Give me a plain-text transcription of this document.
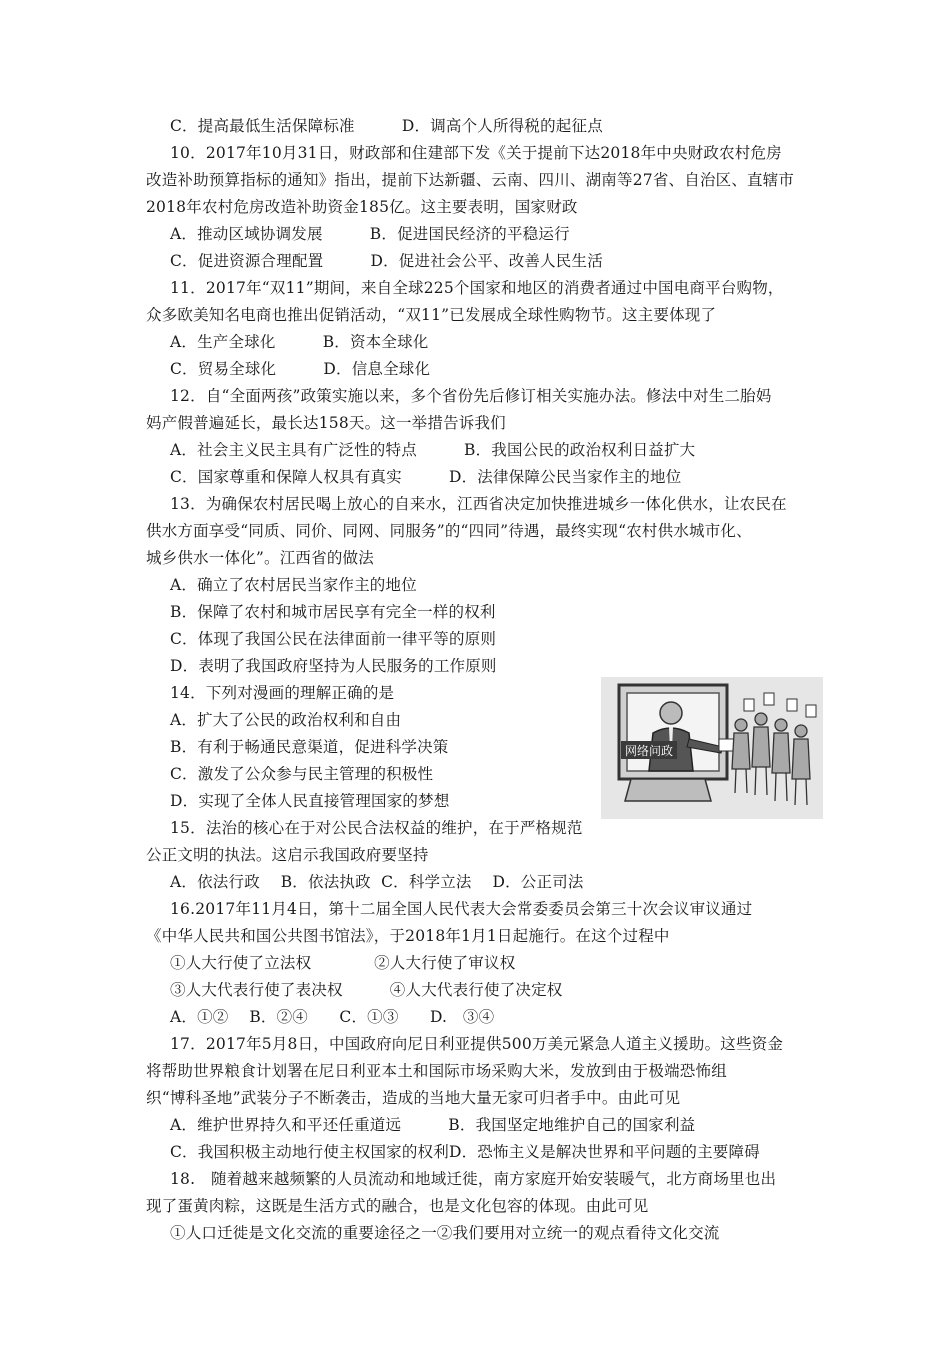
C．提高最低生活保障标准　　　D．调高个人所得税的起征点
10．2017年10月31日，财政部和住建部下发《关于提前下达2018年中央财政农村危房
改造补助预算指标的通知》指出，提前下达新疆、云南、四川、湖南等27省、自治区、直辖市
2018年农村危房改造补助资金185亿。这主要表明，国家财政
A．推动区域协调发展　　　B．促进国民经济的平稳运行
C．促进资源合理配置　　　D．促进社会公平、改善人民生活
11．2017年“双11”期间，来自全球225个国家和地区的消费者通过中国电商平台购物，
众多欧美知名电商也推出促销活动，“双11”已发展成全球性购物节。这主要体现了
A．生产全球化　　　B．资本全球化
C．贸易全球化　　　D．信息全球化
12．自“全面两孩”政策实施以来，多个省份先后修订相关实施办法。修法中对生二胎妈
妈产假普遍延长，最长达158天。这一举措告诉我们
A．社会主义民主具有广泛性的特点　　　B．我国公民的政治权利日益扩大
C．国家尊重和保障人权具有真实　　　D．法律保障公民当家作主的地位
13．为确保农村居民喝上放心的自来水，江西省决定加快推进城乡一体化供水，让农民在
供水方面享受“同质、同价、同网、同服务”的“四同”待遇，最终实现“农村供水城市化、
城乡供水一体化”。江西省的做法
A．确立了农村居民当家作主的地位
B．保障了农村和城市居民享有完全一样的权利
C．体现了我国公民在法律面前一律平等的原则
D．表明了我国政府坚持为人民服务的工作原则
14．下列对漫画的理解正确的是
A．扩大了公民的政治权利和自由
B．有利于畅通民意渠道，促进科学决策
C．激发了公众参与民主管理的积极性
D．实现了全体人民直接管理国家的梦想
15．法治的核心在于对公民合法权益的维护，在于严格规范
公正文明的执法。这启示我国政府要坚持
A．依法行政　 B．依法执政  C．科学立法　 D．公正司法
16.2017年11月4日，第十二届全国人民代表大会常委委员会第三十次会议审议通过
《中华人民共和国公共图书馆法》，于2018年1月1日起施行。在这个过程中
①人大行使了立法权　　　　②人大行使了审议权
③人大代表行使了表决权　　　④人大代表行使了决定权
A．①②　 B．②④　　C．①③　　D.　③④
17．2017年5月8日，中国政府向尼日利亚提供500万美元紧急人道主义援助。这些资金
将帮助世界粮食计划署在尼日利亚本土和国际市场采购大米，发放到由于极端恐怖组
织“博科圣地”武装分子不断袭击，造成的当地大量无家可归者手中。由此可见
A．维护世界持久和平还任重道远　　　B．我国坚定地维护自己的国家利益
C．我国积极主动地行使主权国家的权利D．恐怖主义是解决世界和平问题的主要障碍
18.　随着越来越频繁的人员流动和地域迁徙，南方家庭开始安装暖气，北方商场里也出
现了蛋黄肉粽，这既是生活方式的融合，也是文化包容的体现。由此可见
①人口迁徙是文化交流的重要途径之一②我们要用对立统一的观点看待文化交流
网络问政
